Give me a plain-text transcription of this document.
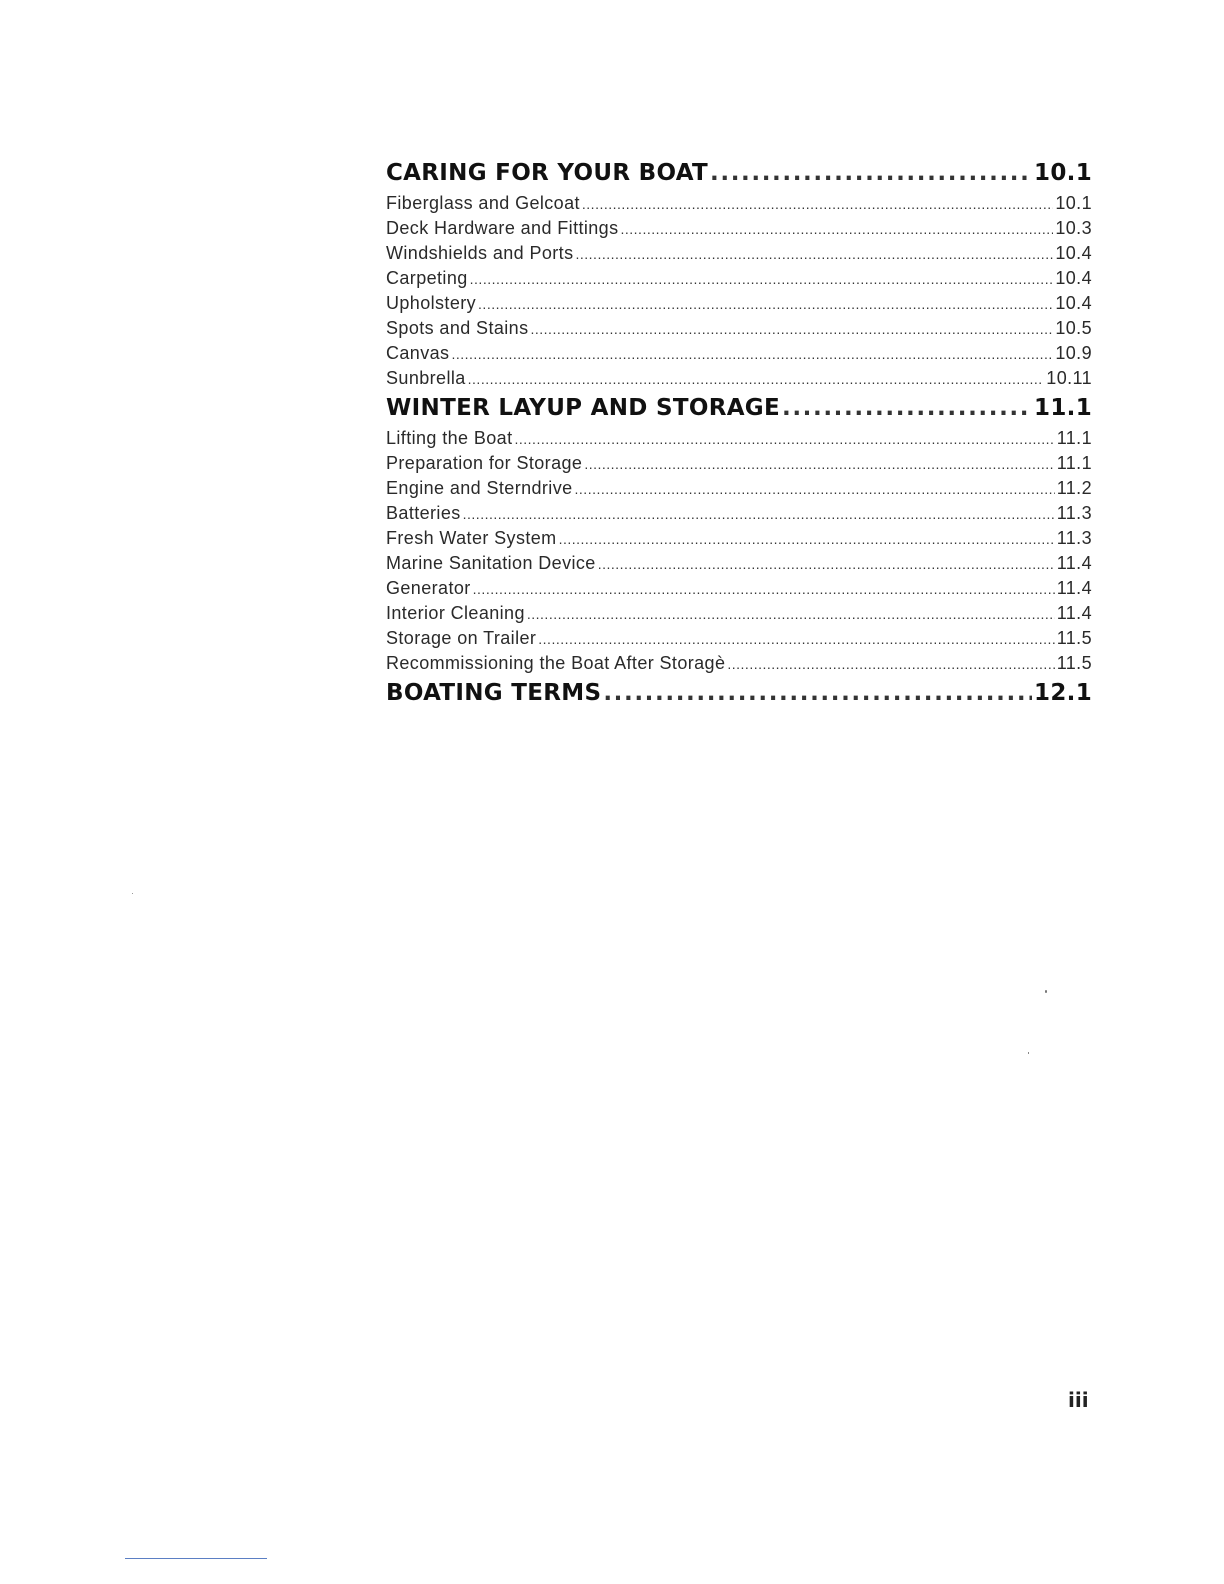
CARING FOR YOUR BOAT .....	10.1
Fiberglass and Gelcoat .....	10.1
Deck Hardware and Fittings .....	10.3
Windshields and Ports .....	10.4
Carpeting .....	10.4
Upholstery .....	10.4
Spots and Stains .....	10.5
Canvas .....	10.9
Sunbrella .....	10.11
WINTER LAYUP AND STORAGE .....	11.1
Lifting the Boat .....	11.1
Preparation for Storage .....	11.1
Engine and Sterndrive .....	11.2
Batteries .....	11.3
Fresh Water System .....	11.3
Marine Sanitation Device .....	11.4
Generator .....	11.4
Interior Cleaning .....	11.4
Storage on Trailer .....	11.5
Recommissioning the Boat After Storagè .....	11.5
BOATING TERMS .....	12.1
iii
